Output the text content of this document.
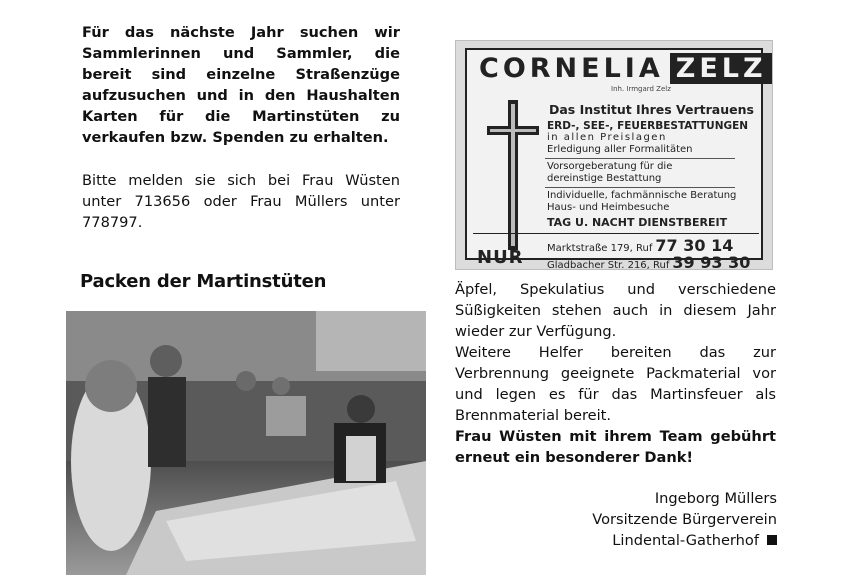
Für das nächste Jahr suchen wir Sammlerinnen und Sammler, die bereit sind einzelne Straßenzüge aufzusuchen und in den Haushalten Karten für die Martinstüten zu verkaufen bzw. Spenden zu erhalten.
Bitte melden sie sich bei Frau Wüsten unter 713656 oder Frau Müllers unter 778797.
Packen der Martinstüten
CORNELIA ZELZ
Inh. Irmgard Zelz
Das Institut Ihres Vertrauens
ERD-, SEE-, FEUERBESTATTUNGEN
in allen Preislagen
Erledigung aller Formalitäten
Vorsorgeberatung für die
dereinstige Bestattung
Individuelle, fachmännische Beratung
Haus- und Heimbesuche
TAG U. NACHT DIENSTBEREIT
NUR Marktstraße 179, Ruf 77 30 14
Gladbacher Str. 216, Ruf 39 93 30
Äpfel, Spekulatius und verschiedene Süßigkeiten stehen auch in diesem Jahr wieder zur Verfügung.
Weitere Helfer bereiten das zur Verbrennung geeignete Packmaterial vor und legen es für das Martinsfeuer als Brennmaterial bereit.
Frau Wüsten mit ihrem Team gebührt erneut ein besonderer Dank!
Ingeborg Müllers
Vorsitzende Bürgerverein
Lindental-Gatherhof
